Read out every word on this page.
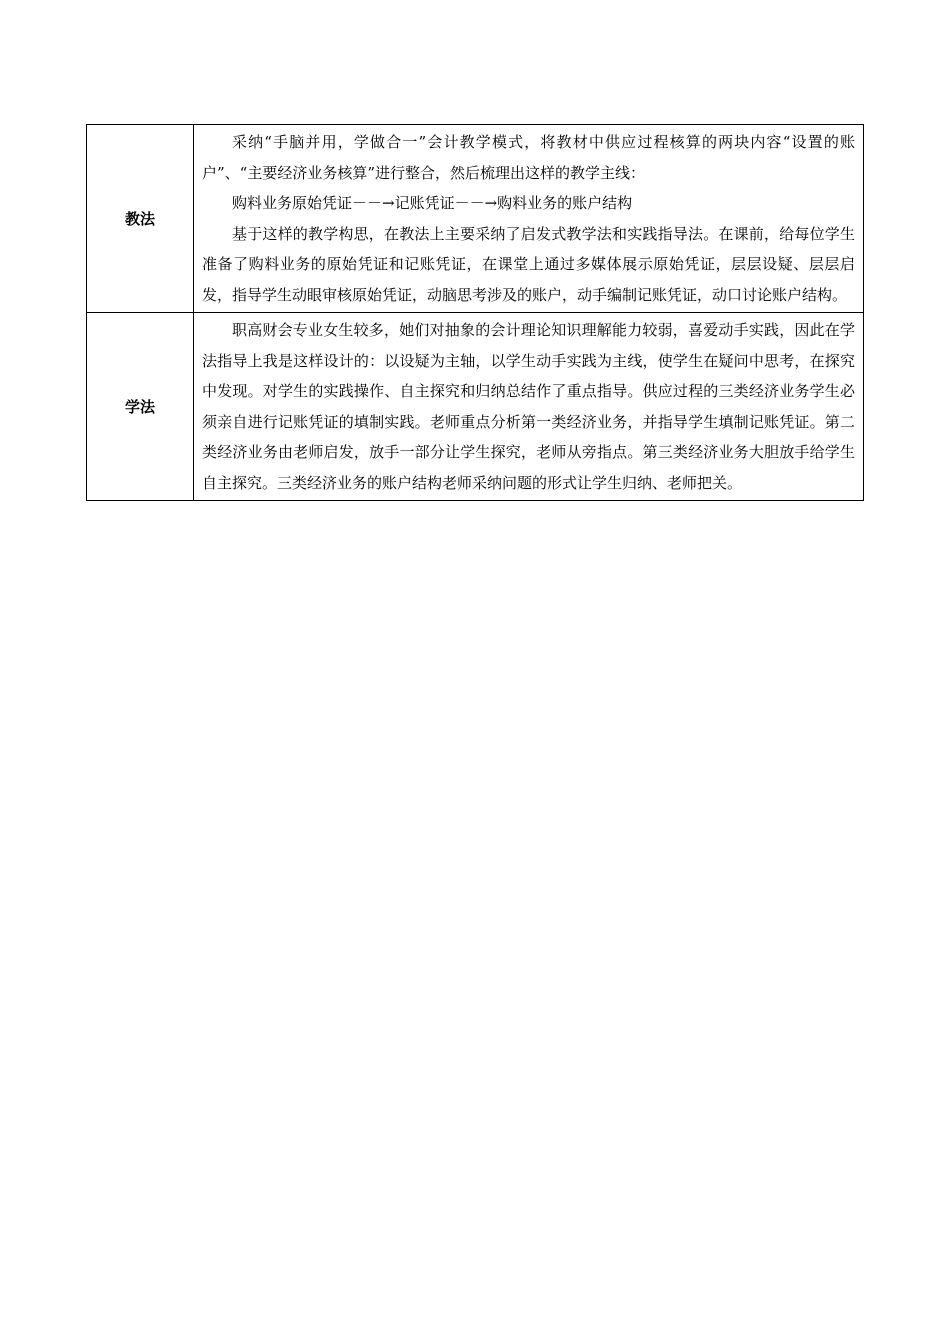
教法	采纳“手脑并用，学做合一”会计教学模式，将教材中供应过程核算的两块内容“设置的账户”、“主要经济业务核算”进行整合，然后梳理出这样的教学主线：

购料业务原始凭证－－→记账凭证－－→购料业务的账户结构

基于这样的教学构思，在教法上主要采纳了启发式教学法和实践指导法。在课前，给每位学生准备了购料业务的原始凭证和记账凭证，在课堂上通过多媒体展示原始凭证，层层设疑、层层启发，指导学生动眼审核原始凭证，动脑思考涉及的账户，动手编制记账凭证，动口讨论账户结构。

学法	职高财会专业女生较多，她们对抽象的会计理论知识理解能力较弱，喜爱动手实践，因此在学法指导上我是这样设计的：以设疑为主轴，以学生动手实践为主线，使学生在疑问中思考，在探究中发现。对学生的实践操作、自主探究和归纳总结作了重点指导。供应过程的三类经济业务学生必须亲自进行记账凭证的填制实践。老师重点分析第一类经济业务，并指导学生填制记账凭证。第二类经济业务由老师启发，放手一部分让学生探究，老师从旁指点。第三类经济业务大胆放手给学生自主探究。三类经济业务的账户结构老师采纳问题的形式让学生归纳、老师把关。
